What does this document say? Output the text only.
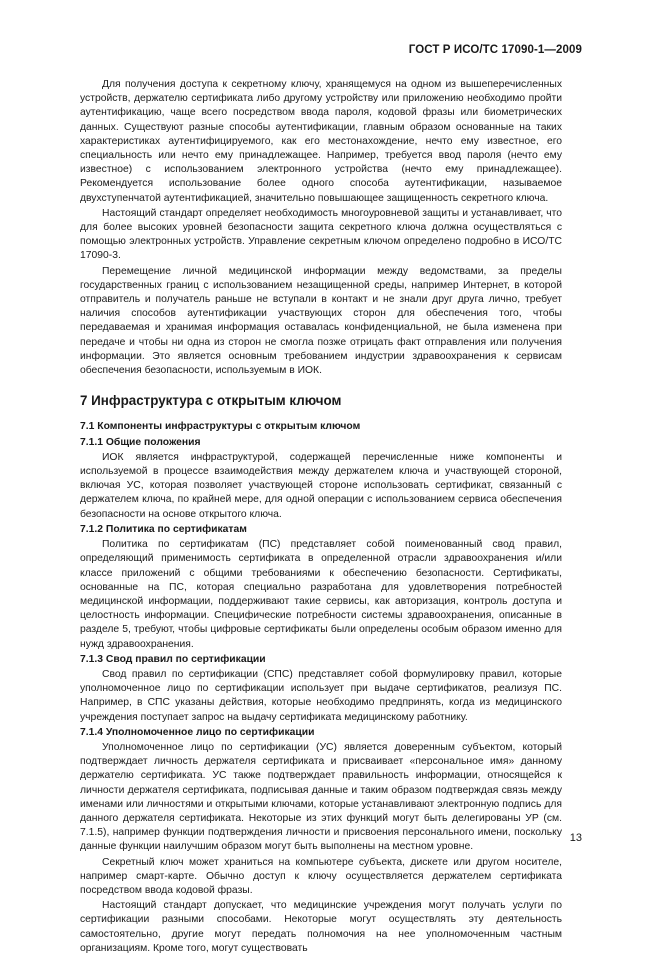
ГОСТ Р ИСО/ТС 17090-1—2009

Для получения доступа к секретному ключу, хранящемуся на одном из вышеперечисленных устройств, держателю сертификата либо другому устройству или приложению необходимо пройти аутентификацию, чаще всего посредством ввода пароля, кодовой фразы или биометрических данных. Существуют разные способы аутентификации, главным образом основанные на таких характеристиках аутентифицируемого, как его местонахождение, нечто ему известное, его специальность или нечто ему принадлежащее. Например, требуется ввод пароля (нечто ему известное) с использованием электронного устройства (нечто ему принадлежащее). Рекомендуется использование более одного способа аутентификации, называемое двухступенчатой аутентификацией, значительно повышающее защищенность секретного ключа.

Настоящий стандарт определяет необходимость многоуровневой защиты и устанавливает, что для более высоких уровней безопасности защита секретного ключа должна осуществляться с помощью электронных устройств. Управление секретным ключом определено подробно в ИСО/ТС 17090-3.

Перемещение личной медицинской информации между ведомствами, за пределы государственных границ с использованием незащищенной среды, например Интернет, в которой отправитель и получатель раньше не вступали в контакт и не знали друг друга лично, требует наличия способов аутентификации участвующих сторон для обеспечения того, чтобы передаваемая и хранимая информация оставалась конфиденциальной, не была изменена при передаче и чтобы ни одна из сторон не смогла позже отрицать факт отправления или получения информации. Это является основным требованием индустрии здравоохранения к сервисам обеспечения безопасности, используемым в ИОК.

7 Инфраструктура с открытым ключом

7.1 Компоненты инфраструктуры с открытым ключом

7.1.1 Общие положения

ИОК является инфраструктурой, содержащей перечисленные ниже компоненты и используемой в процессе взаимодействия между держателем ключа и участвующей стороной, включая УС, которая позволяет участвующей стороне использовать сертификат, связанный с держателем ключа, по крайней мере, для одной операции с использованием сервиса обеспечения безопасности на основе открытого ключа.

7.1.2 Политика по сертификатам

Политика по сертификатам (ПС) представляет собой поименованный свод правил, определяющий применимость сертификата в определенной отрасли здравоохранения и/или классе приложений с общими требованиями к обеспечению безопасности. Сертификаты, основанные на ПС, которая специально разработана для удовлетворения потребностей медицинской информации, поддерживают такие сервисы, как авторизация, контроль доступа и целостность информации. Специфические потребности системы здравоохранения, описанные в разделе 5, требуют, чтобы цифровые сертификаты были определены особым образом именно для нужд здравоохранения.

7.1.3 Свод правил по сертификации

Свод правил по сертификации (СПС) представляет собой формулировку правил, которые уполномоченное лицо по сертификации использует при выдаче сертификатов, реализуя ПС. Например, в СПС указаны действия, которые необходимо предпринять, когда из медицинского учреждения поступает запрос на выдачу сертификата медицинскому работнику.

7.1.4 Уполномоченное лицо по сертификации

Уполномоченное лицо по сертификации (УС) является доверенным субъектом, который подтверждает личность держателя сертификата и присваивает «персональное имя» данному держателю сертификата. УС также подтверждает правильность информации, относящейся к личности держателя сертификата, подписывая данные и таким образом подтверждая связь между именами или личностями и открытыми ключами, которые устанавливают электронную подпись для данного держателя сертификата. Некоторые из этих функций могут быть делегированы УР (см. 7.1.5), например функции подтверждения личности и присвоения персонального имени, поскольку данные функции наилучшим образом могут быть выполнены на местном уровне.

Секретный ключ может храниться на компьютере субъекта, дискете или другом носителе, например смарт-карте. Обычно доступ к ключу осуществляется держателем сертификата посредством ввода кодовой фразы.

Настоящий стандарт допускает, что медицинские учреждения могут получать услуги по сертификации разными способами. Некоторые могут осуществлять эту деятельность самостоятельно, другие могут передать полномочия на нее уполномоченным частным организациям. Кроме того, могут существовать

13
